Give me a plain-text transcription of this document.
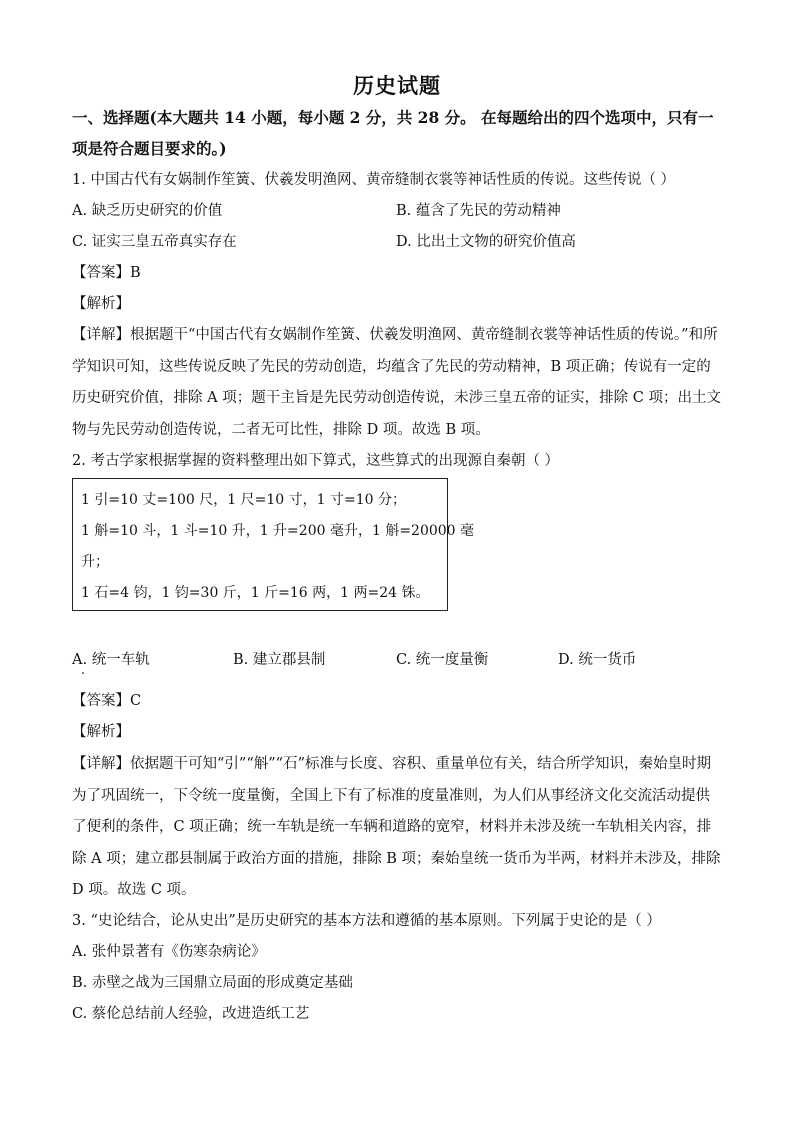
历史试题
一、选择题(本大题共 14 小题，每小题 2 分，共 28 分。 在每题给出的四个选项中，只有一
项是符合题目要求的。)
1. 中国古代有女娲制作笙簧、伏羲发明渔网、黄帝缝制衣裳等神话性质的传说。这些传说（ ）
A. 缺乏历史研究的价值	B. 蕴含了先民的劳动精神
C. 证实三皇五帝真实存在	D. 比出土文物的研究价值高
【答案】B
【解析】
【详解】根据题干“中国古代有女娲制作笙簧、伏羲发明渔网、黄帝缝制衣裳等神话性质的传说。”和所学知识可知，这些传说反映了先民的劳动创造，均蕴含了先民的劳动精神，B 项正确；传说有一定的历史研究价值，排除 A 项；题干主旨是先民劳动创造传说，未涉三皇五帝的证实，排除 C 项；出土文物与先民劳动创造传说，二者无可比性，排除 D 项。故选 B 项。
2. 考古学家根据掌握的资料整理出如下算式，这些算式的出现源自秦朝（ ）
1 引=10 丈=100 尺，1 尺=10 寸，1 寸=10 分；
1 斛=10 斗，1 斗=10 升，1 升=200 毫升，1 斛=20000 毫
升；
1 石=4 钧，1 钧=30 斤，1 斤=16 两，1 两=24 铢。
A. 统一车轨	B. 建立郡县制	C. 统一度量衡	D. 统一货币
【答案】C
【解析】
【详解】依据题干可知“引”“斛”“石”标准与长度、容积、重量单位有关，结合所学知识，秦始皇时期为了巩固统一，下令统一度量衡，全国上下有了标准的度量准则，为人们从事经济文化交流活动提供了便利的条件，C 项正确；统一车轨是统一车辆和道路的宽窄，材料并未涉及统一车轨相关内容，排除 A 项；建立郡县制属于政治方面的措施，排除 B 项；秦始皇统一货币为半两，材料并未涉及，排除 D 项。故选 C 项。
3. “史论结合，论从史出”是历史研究的基本方法和遵循的基本原则。下列属于史论的是（ ）
A. 张仲景著有《伤寒杂病论》
B. 赤壁之战为三国鼎立局面的形成奠定基础
C. 蔡伦总结前人经验，改进造纸工艺
